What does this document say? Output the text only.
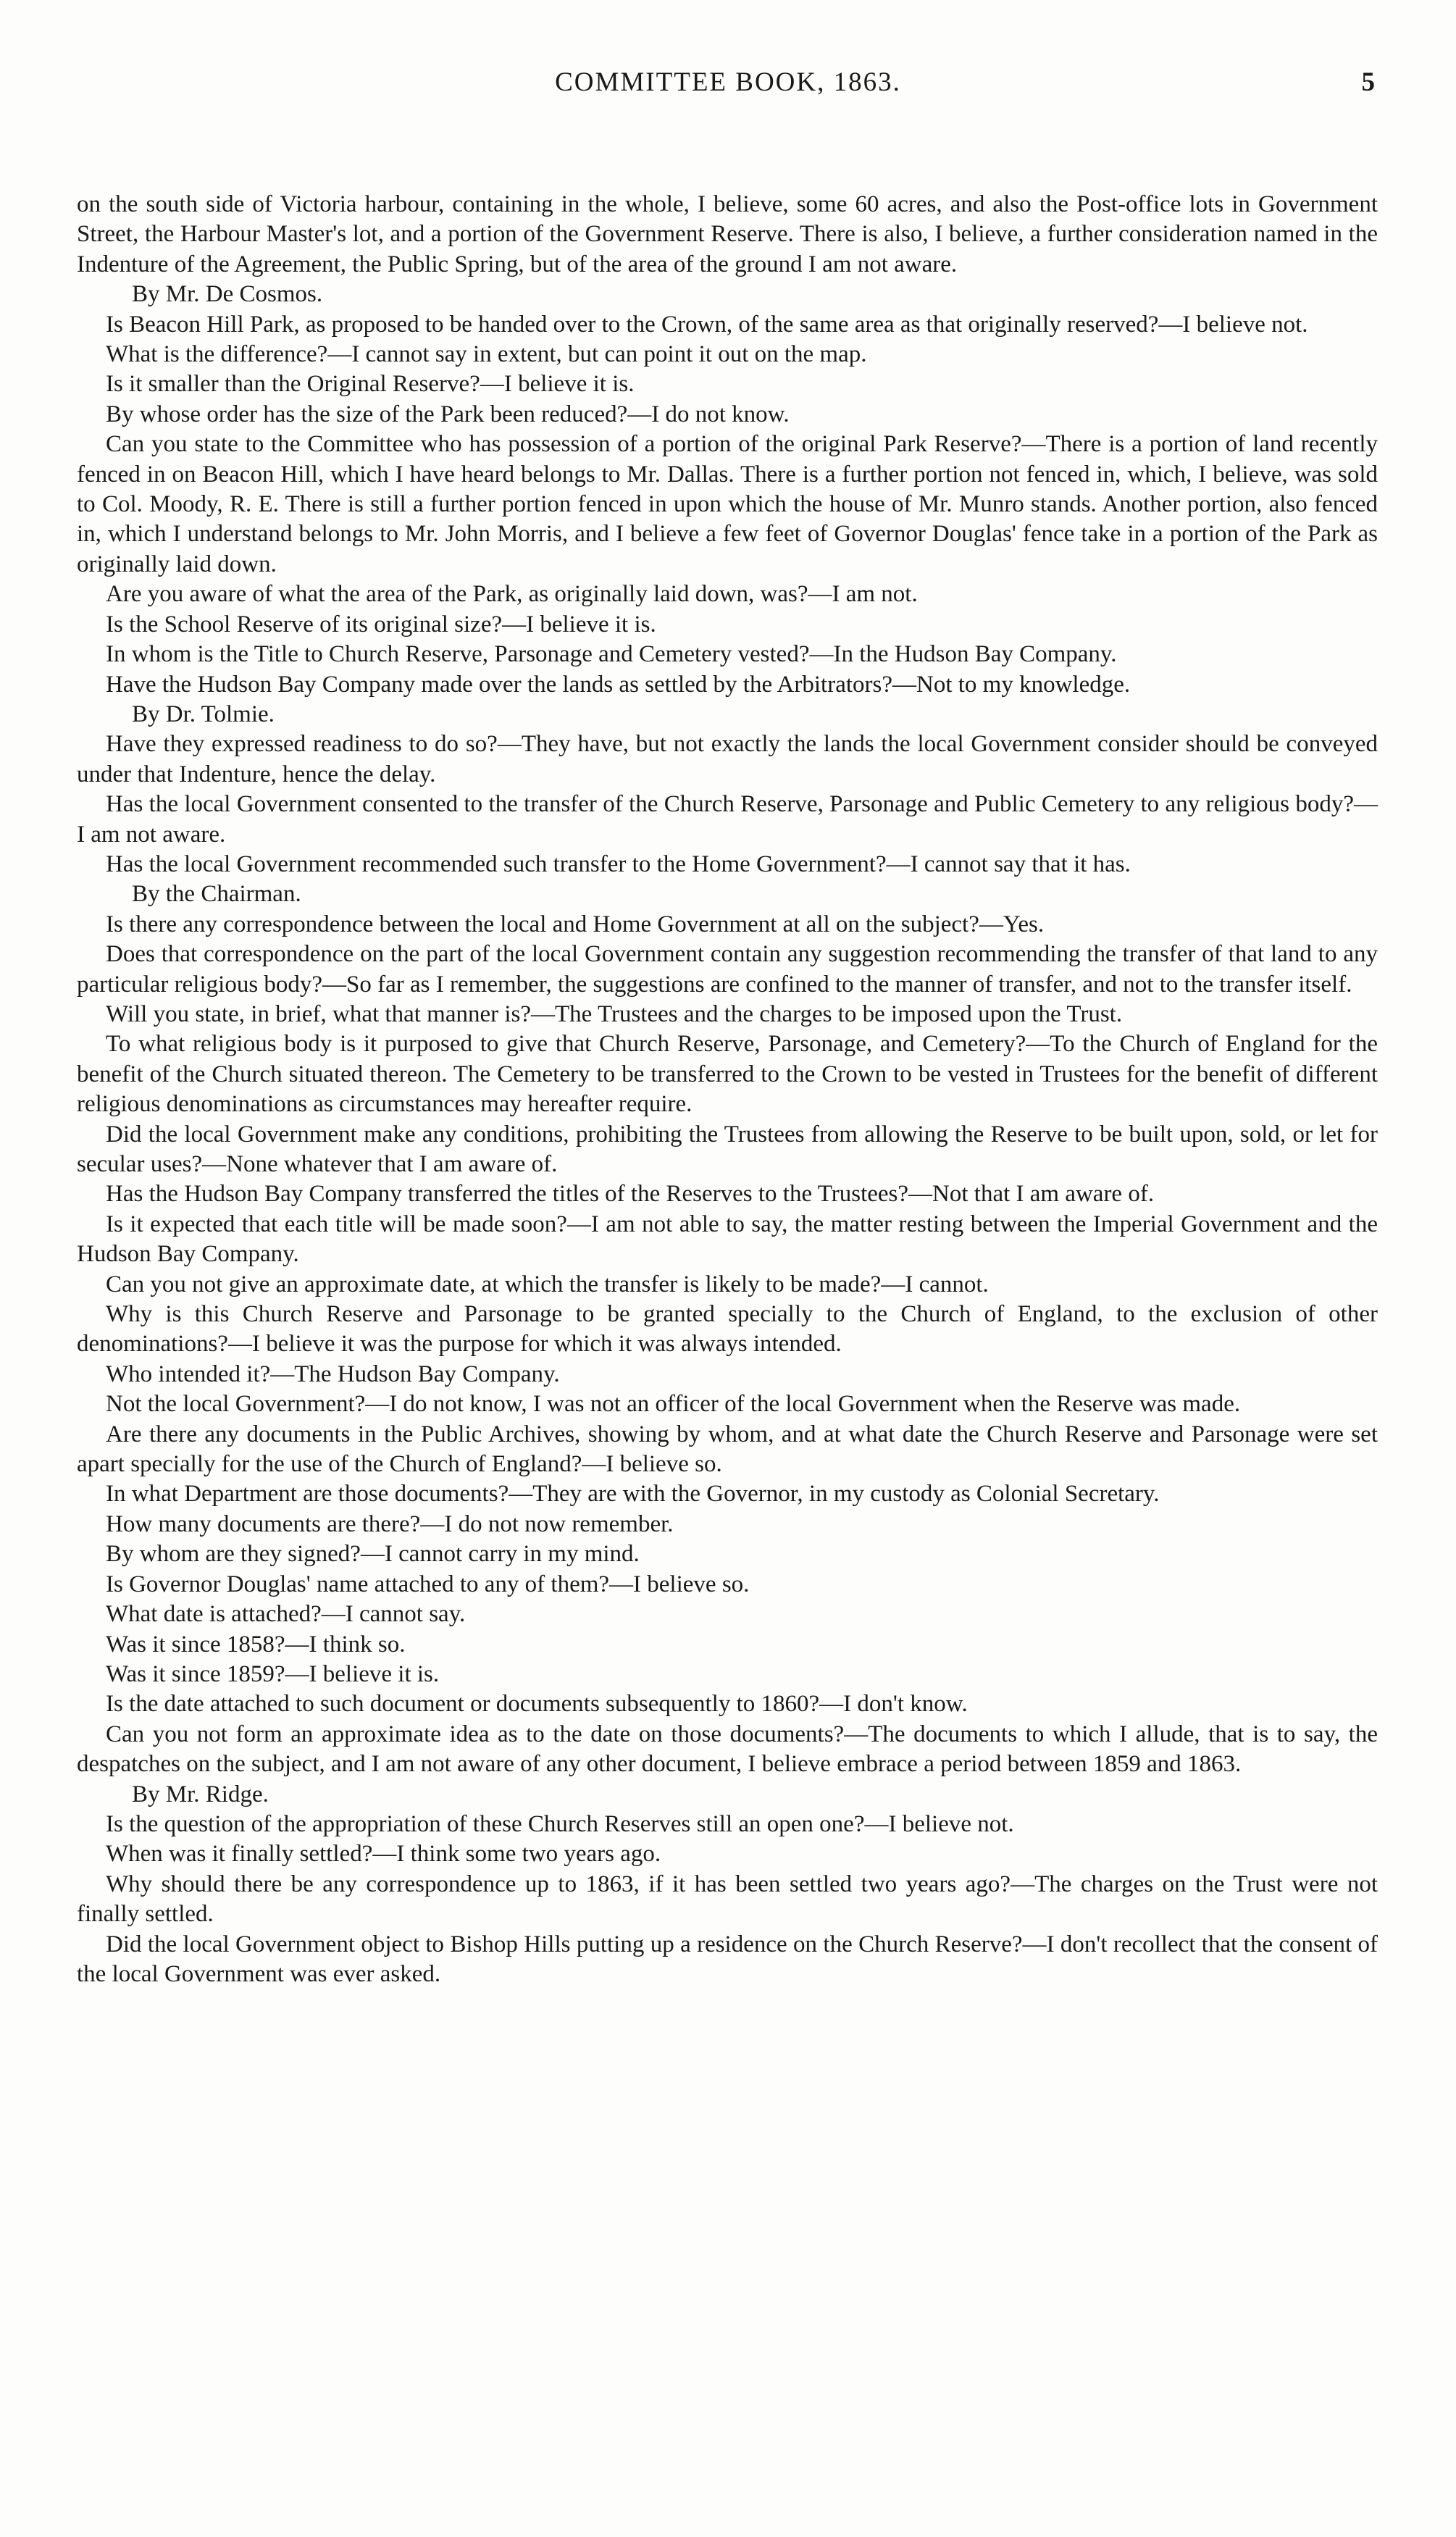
COMMITTEE BOOK, 1863.	5

on the south side of Victoria harbour, containing in the whole, I believe, some 60 acres, and also the Post-office lots in Government Street, the Harbour Master's lot, and a portion of the Government Reserve. There is also, I believe, a further consideration named in the Indenture of the Agreement, the Public Spring, but of the area of the ground I am not aware.

By Mr. De Cosmos.

Is Beacon Hill Park, as proposed to be handed over to the Crown, of the same area as that originally reserved?—I believe not.

What is the difference?—I cannot say in extent, but can point it out on the map.

Is it smaller than the Original Reserve?—I believe it is.

By whose order has the size of the Park been reduced?—I do not know.

Can you state to the Committee who has possession of a portion of the original Park Reserve?—There is a portion of land recently fenced in on Beacon Hill, which I have heard belongs to Mr. Dallas. There is a further portion not fenced in, which, I believe, was sold to Col. Moody, R. E. There is still a further portion fenced in upon which the house of Mr. Munro stands. Another portion, also fenced in, which I understand belongs to Mr. John Morris, and I believe a few feet of Governor Douglas' fence take in a portion of the Park as originally laid down.

Are you aware of what the area of the Park, as originally laid down, was?—I am not.

Is the School Reserve of its original size?—I believe it is.

In whom is the Title to Church Reserve, Parsonage and Cemetery vested?—In the Hudson Bay Company.

Have the Hudson Bay Company made over the lands as settled by the Arbitrators?—Not to my knowledge.

By Dr. Tolmie.

Have they expressed readiness to do so?—They have, but not exactly the lands the local Government consider should be conveyed under that Indenture, hence the delay.

Has the local Government consented to the transfer of the Church Reserve, Parsonage and Public Cemetery to any religious body?—I am not aware.

Has the local Government recommended such transfer to the Home Government?—I cannot say that it has.

By the Chairman.

Is there any correspondence between the local and Home Government at all on the subject?—Yes.

Does that correspondence on the part of the local Government contain any suggestion recommending the transfer of that land to any particular religious body?—So far as I remember, the suggestions are confined to the manner of transfer, and not to the transfer itself.

Will you state, in brief, what that manner is?—The Trustees and the charges to be imposed upon the Trust.

To what religious body is it purposed to give that Church Reserve, Parsonage, and Cemetery?—To the Church of England for the benefit of the Church situated thereon. The Cemetery to be transferred to the Crown to be vested in Trustees for the benefit of different religious denominations as circumstances may hereafter require.

Did the local Government make any conditions, prohibiting the Trustees from allowing the Reserve to be built upon, sold, or let for secular uses?—None whatever that I am aware of.

Has the Hudson Bay Company transferred the titles of the Reserves to the Trustees?—Not that I am aware of.

Is it expected that each title will be made soon?—I am not able to say, the matter resting between the Imperial Government and the Hudson Bay Company.

Can you not give an approximate date, at which the transfer is likely to be made?—I cannot.

Why is this Church Reserve and Parsonage to be granted specially to the Church of England, to the exclusion of other denominations?—I believe it was the purpose for which it was always intended.

Who intended it?—The Hudson Bay Company.

Not the local Government?—I do not know, I was not an officer of the local Government when the Reserve was made.

Are there any documents in the Public Archives, showing by whom, and at what date the Church Reserve and Parsonage were set apart specially for the use of the Church of England?—I believe so.

In what Department are those documents?—They are with the Governor, in my custody as Colonial Secretary.

How many documents are there?—I do not now remember.

By whom are they signed?—I cannot carry in my mind.

Is Governor Douglas' name attached to any of them?—I believe so.

What date is attached?—I cannot say.

Was it since 1858?—I think so.

Was it since 1859?—I believe it is.

Is the date attached to such document or documents subsequently to 1860?—I don't know.

Can you not form an approximate idea as to the date on those documents?—The documents to which I allude, that is to say, the despatches on the subject, and I am not aware of any other document, I believe embrace a period between 1859 and 1863.

By Mr. Ridge.

Is the question of the appropriation of these Church Reserves still an open one?—I believe not.

When was it finally settled?—I think some two years ago.

Why should there be any correspondence up to 1863, if it has been settled two years ago?—The charges on the Trust were not finally settled.

Did the local Government object to Bishop Hills putting up a residence on the Church Reserve?—I don't recollect that the consent of the local Government was ever asked.
